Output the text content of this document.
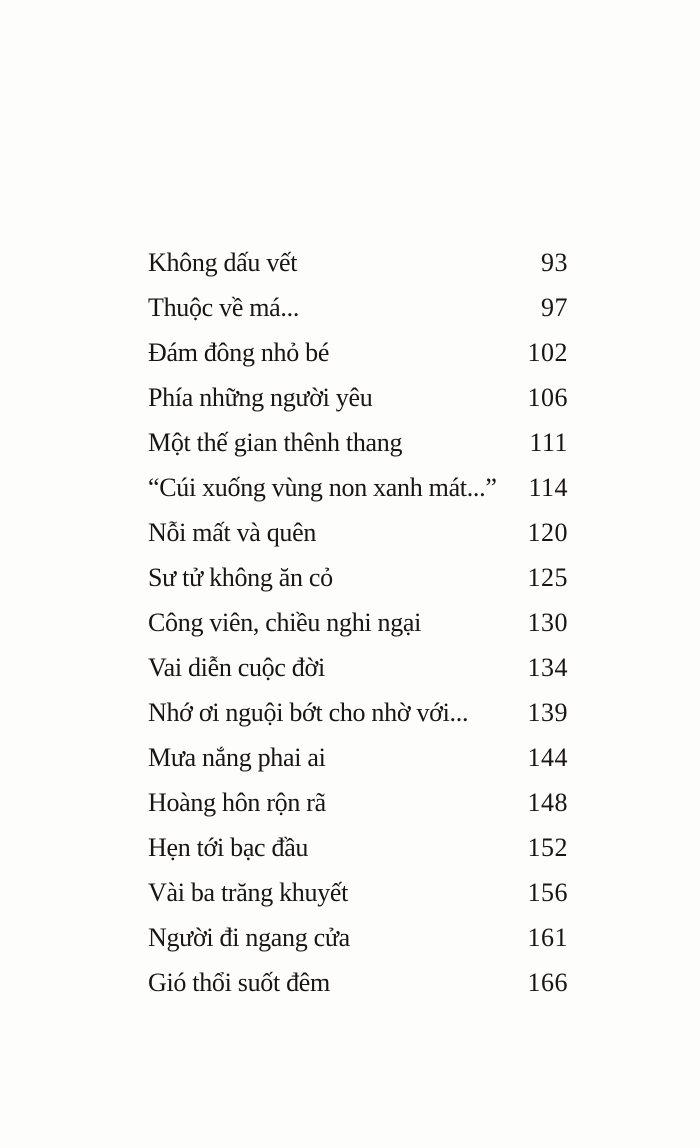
Không dấu vết	93
Thuộc về má...	97
Đám đông nhỏ bé	102
Phía những người yêu	106
Một thế gian thênh thang	111
“Cúi xuống vùng non xanh mát...”	114
Nỗi mất và quên	120
Sư tử không ăn cỏ	125
Công viên, chiều nghi ngại	130
Vai diễn cuộc đời	134
Nhớ ơi nguội bớt cho nhờ với...	139
Mưa nắng phai ai	144
Hoàng hôn rộn rã	148
Hẹn tới bạc đầu	152
Vài ba trăng khuyết	156
Người đi ngang cửa	161
Gió thổi suốt đêm	166
